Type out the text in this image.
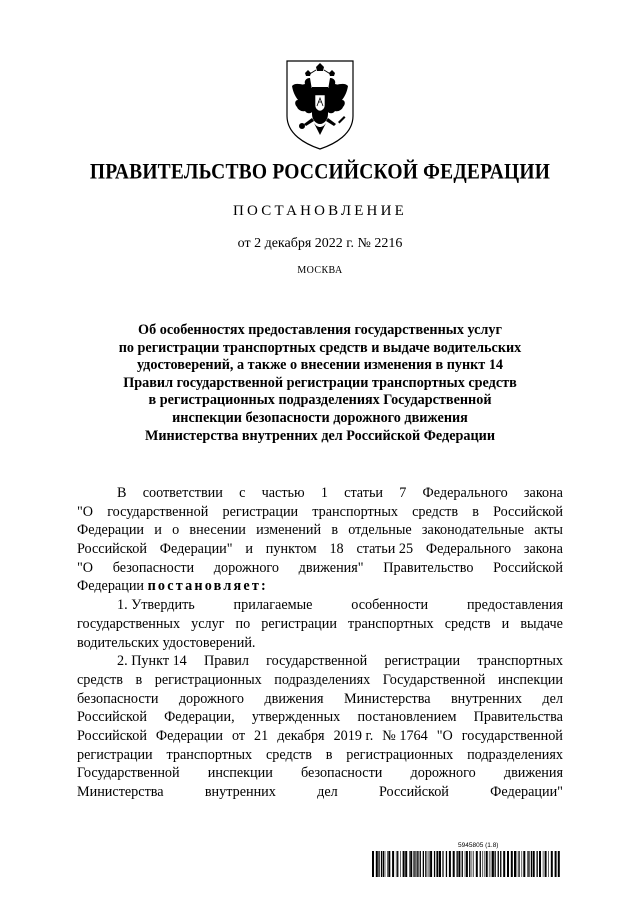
ПРАВИТЕЛЬСТВО РОССИЙСКОЙ ФЕДЕРАЦИИ
ПОСТАНОВЛЕНИЕ
от 2 декабря 2022 г. № 2216
МОСКВА
Об особенностях предоставления государственных услуг
по регистрации транспортных средств и выдаче водительских
удостоверений, а также о внесении изменения в пункт 14
Правил государственной регистрации транспортных средств
в регистрационных подразделениях Государственной
инспекции безопасности дорожного движения
Министерства внутренних дел Российской Федерации
В соответствии с частью 1 статьи 7 Федерального закона
"О государственной регистрации транспортных средств в Российской
Федерации и о внесении изменений в отдельные законодательные акты
Российской Федерации" и пунктом 18 статьи 25 Федерального закона
"О безопасности дорожного движения" Правительство Российской
Федерации постановляет:
1. Утвердить	прилагаемые	особенности	предоставления
государственных услуг по регистрации транспортных средств и выдаче
водительских удостоверений.
2. Пункт 14 Правил государственной регистрации транспортных
средств в регистрационных подразделениях Государственной инспекции
безопасности дорожного движения Министерства внутренних дел
Российской Федерации, утвержденных постановлением Правительства
Российской Федерации от 21 декабря 2019 г. № 1764 "О государственной
регистрации транспортных средств в регистрационных подразделениях
Государственной инспекции безопасности дорожного движения
Министерства	внутренних	дел	Российской	Федерации"
5945805 (1.8)
